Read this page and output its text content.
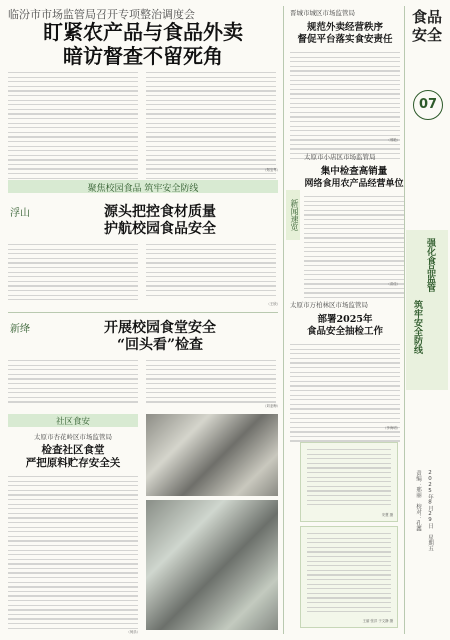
临汾市市场监管局召开专项整治调度会
盯紧农产品与食品外卖
暗访督查不留死角
（郑宝琴）
聚焦校园食品 筑牢安全防线
浮山	源头把控食材质量
护航校园食品安全
（王欣）
新绛	开展校园食堂安全
“回头看”检查
（刘亚梅）
社区食安
太原市杏花岭区市场监管局
检查社区食堂
严把原料贮存安全关
（何乐）
新闻速览
晋城市城区市场监管局
规范外卖经营秩序
督促平台落实食安责任
（邢艳）
太原市小店区市场监管局
集中检查高销量
网络食用农产品经营单位
（苗佳）
太原市万柏林区市场监管局
部署2025年
食品安全抽检工作
（李海明）
安慧 摄
王丽 张洋 于文静 摄
食品安全
07
强化食品监管
筑牢安全防线
2025年8月29日 星期五
责编：邢丽 校对：孔鑫
